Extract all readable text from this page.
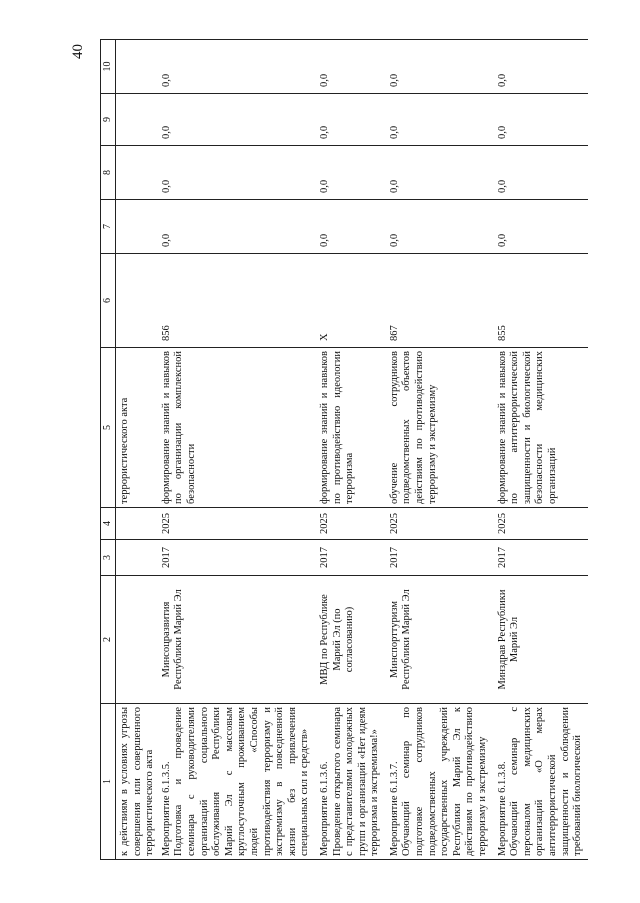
40
1	2	3	4	5	6	7	8	9	10
к действиям в условиях угрозы совершения или совершенного террористического акта				террористического акта					

Мероприятие 6.1.3.5. Подготовка и проведение семинара с руководителями организаций социального обслуживания Республики Марий Эл с массовым круглосуточным проживанием людей «Способы противодействия терроризму и экстремизму в повседневной жизни без привлечения специальных сил и средств»	Минсоцразвития Республики Марий Эл	2017	2025	формирование знаний и навыков по организации комплексной безопасности	856	0,0	0,0	0,0	0,0

Мероприятие 6.1.3.6. Проведение открытого семинара с представителями молодежных групп и организаций «Нет идеям терроризма и экстремизма!»	МВД по Республике Марий Эл (по согласованию)	2017	2025	формирование знаний и навыков по противодействию идеологии терроризма	Х	0,0	0,0	0,0	0,0

Мероприятие 6.1.3.7. Обучающий семинар по подготовке сотрудников подведомственных государственных учреждений Республики Марий Эл к действиям по противодействию терроризму и экстремизму	Минспорттуризм Республики Марий Эл	2017	2025	обучение сотрудников подведомственных объектов действиям по противодействию терроризму и экстремизму	867	0,0	0,0	0,0	0,0

Мероприятие 6.1.3.8. Обучающий семинар с персоналом медицинских организаций «О мерах антитеррористической защищенности и соблюдении требований биологической	Минздрав Республики Марий Эл	2017	2025	формирование знаний и навыков по антитеррористической защищенности и биологической безопасности медицинских организаций	855	0,0	0,0	0,0	0,0
